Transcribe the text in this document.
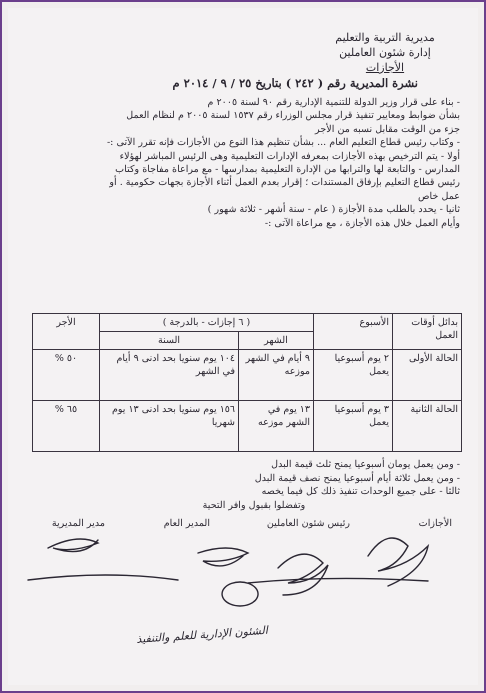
مديرية التربية والتعليم
إدارة شئون العاملين
الأجازات
نشرة المديرية رقم ( ٢٤٢ ) بتاريخ ٢٥ / ٩ / ٢٠١٤ م

- بناء على قرار وزير الدولة للتنمية الإدارية رقم ٩٠ لسنة ٢٠٠٥ م

بشأن ضوابط ومعايير تنفيذ قرار مجلس الوزراء رقم ١٥٣٧ لسنة ٢٠٠٥ م لنظام العمل

جزء من الوقت مقابل نسبه من الأجر

- وكتاب رئيس قطاع التعليم العام ... بشأن تنظيم هذا النوع من الأجازات فإنه تقرر الآتى :-

أولا - يتم الترخيص بهذه الأجازات بمعرفه الإدارات التعليمية وهى الرئيس المباشر لهؤلاء

المدارس - والتابعة لها والترابها من الإدارة التعليمية بمدارسها - مع مراعاة مفاجاة وكتاب

رئيس قطاع التعليم بإرفاق المستندات ؛ إقرار بعدم العمل أثناء الأجازة بجهات حكومية . أو

عمل خاص

ثانيا - يحدد بالطلب مدة الأجازة ( عام - سنة أشهر - ثلاثة شهور )

وأيام العمل خلال هذه الأجازة ، مع مراعاة الآتى :-

بدائل أوقات العمل	الأسبوع	( ٦ إجازات - بالدرجة )		الأجر
		الشهر	السنة	
الحالة الأولى	٢ يوم أسبوعيا يعمل	٩ أيام في الشهر موزعه	١٠٤ يوم سنويا بحد ادنى ٩ أيام في الشهر	٥٠ %
الحالة الثانية	٣ يوم أسبوعيا يعمل	١٣ يوم في الشهر موزعه	١٥٦ يوم سنويا بحد ادنى ١٣ يوم شهريا	٦٥ %

- ومن يعمل يومان أسبوعيا يمنح ثلث قيمة البدل

- ومن يعمل ثلاثة أيام أسبوعيا يمنح نصف قيمة البدل

ثالثا - على جميع الوحدات تنفيذ ذلك كل فيما يخصه

وتفضلوا بقبول وافر التحية

الأجازات
رئيس شئون العاملين
المدير العام
مدير المديرية
الشئون الإدارية للعلم والتنفيذ
